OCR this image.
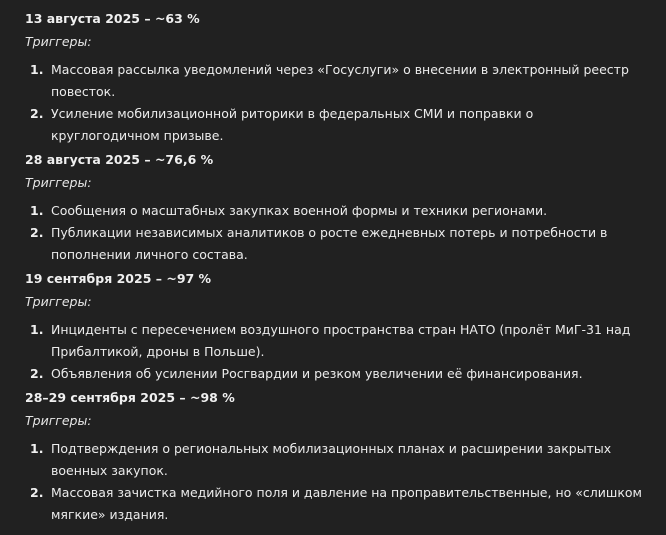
13 августа 2025 – ~63 %

Триггеры:

1. Массовая рассылка уведомлений через «Госуслуги» о внесении в электронный реестр повесток.
2. Усиление мобилизационной риторики в федеральных СМИ и поправки о круглогодичном призыве.

28 августа 2025 – ~76,6 %

Триггеры:

1. Сообщения о масштабных закупках военной формы и техники регионами.
2. Публикации независимых аналитиков о росте ежедневных потерь и потребности в пополнении личного состава.

19 сентября 2025 – ~97 %

Триггеры:

1. Инциденты с пересечением воздушного пространства стран НАТО (пролёт МиГ-31 над Прибалтикой, дроны в Польше).
2. Объявления об усилении Росгвардии и резком увеличении её финансирования.

28–29 сентября 2025 – ~98 %

Триггеры:

1. Подтверждения о региональных мобилизационных планах и расширении закрытых военных закупок.
2. Массовая зачистка медийного поля и давление на проправительственные, но «слишком мягкие» издания.
